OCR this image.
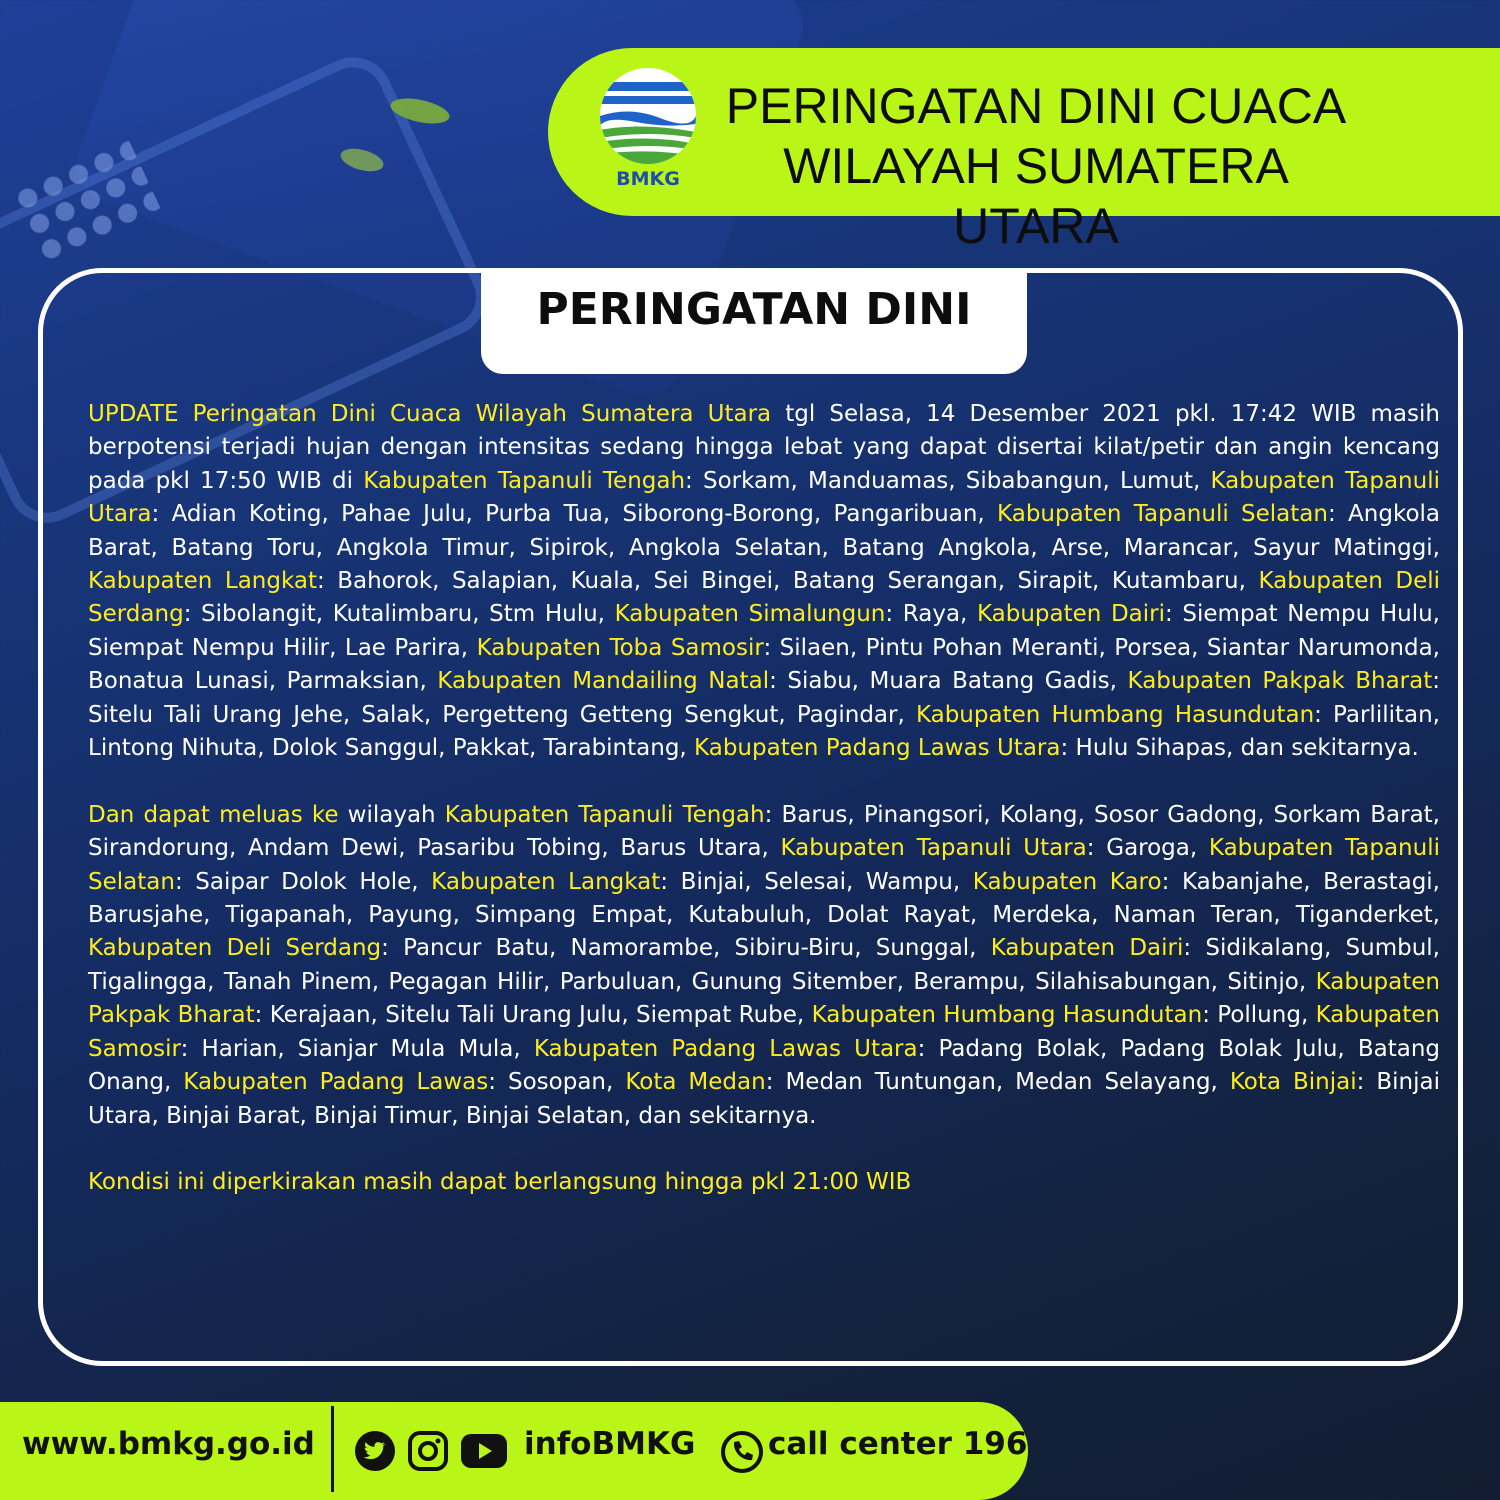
BMKG
PERINGATAN DINI CUACA
WILAYAH SUMATERA UTARA
PERINGATAN DINI

UPDATE Peringatan Dini Cuaca Wilayah Sumatera Utara tgl Selasa, 14 Desember 2021 pkl. 17:42 WIB masih berpotensi terjadi hujan dengan intensitas sedang hingga lebat yang dapat disertai kilat/petir dan angin kencang pada pkl 17:50 WIB di Kabupaten Tapanuli Tengah: Sorkam, Manduamas, Sibabangun, Lumut, Kabupaten Tapanuli Utara: Adian Koting, Pahae Julu, Purba Tua, Siborong-Borong, Pangaribuan, Kabupaten Tapanuli Selatan: Angkola Barat, Batang Toru, Angkola Timur, Sipirok, Angkola Selatan, Batang Angkola, Arse, Marancar, Sayur Matinggi, Kabupaten Langkat: Bahorok, Salapian, Kuala, Sei Bingei, Batang Serangan, Sirapit, Kutambaru, Kabupaten Deli Serdang: Sibolangit, Kutalimbaru, Stm Hulu, Kabupaten Simalungun: Raya, Kabupaten Dairi: Siempat Nempu Hulu, Siempat Nempu Hilir, Lae Parira, Kabupaten Toba Samosir: Silaen, Pintu Pohan Meranti, Porsea, Siantar Narumonda, Bonatua Lunasi, Parmaksian, Kabupaten Mandailing Natal: Siabu, Muara Batang Gadis, Kabupaten Pakpak Bharat: Sitelu Tali Urang Jehe, Salak, Pergetteng Getteng Sengkut, Pagindar, Kabupaten Humbang Hasundutan: Parlilitan, Lintong Nihuta, Dolok Sanggul, Pakkat, Tarabintang, Kabupaten Padang Lawas Utara: Hulu Sihapas, dan sekitarnya.

Dan dapat meluas ke wilayah Kabupaten Tapanuli Tengah: Barus, Pinangsori, Kolang, Sosor Gadong, Sorkam Barat, Sirandorung, Andam Dewi, Pasaribu Tobing, Barus Utara, Kabupaten Tapanuli Utara: Garoga, Kabupaten Tapanuli Selatan: Saipar Dolok Hole, Kabupaten Langkat: Binjai, Selesai, Wampu, Kabupaten Karo: Kabanjahe, Berastagi, Barusjahe, Tigapanah, Payung, Simpang Empat, Kutabuluh, Dolat Rayat, Merdeka, Naman Teran, Tiganderket, Kabupaten Deli Serdang: Pancur Batu, Namorambe, Sibiru-Biru, Sunggal, Kabupaten Dairi: Sidikalang, Sumbul, Tigalingga, Tanah Pinem, Pegagan Hilir, Parbuluan, Gunung Sitember, Berampu, Silahisabungan, Sitinjo, Kabupaten Pakpak Bharat: Kerajaan, Sitelu Tali Urang Julu, Siempat Rube, Kabupaten Humbang Hasundutan: Pollung, Kabupaten Samosir: Harian, Sianjar Mula Mula, Kabupaten Padang Lawas Utara: Padang Bolak, Padang Bolak Julu, Batang Onang, Kabupaten Padang Lawas: Sosopan, Kota Medan: Medan Tuntungan, Medan Selayang, Kota Binjai: Binjai Utara, Binjai Barat, Binjai Timur, Binjai Selatan, dan sekitarnya.

Kondisi ini diperkirakan masih dapat berlangsung hingga pkl 21:00 WIB

www.bmkg.go.id	infoBMKG call center 196
